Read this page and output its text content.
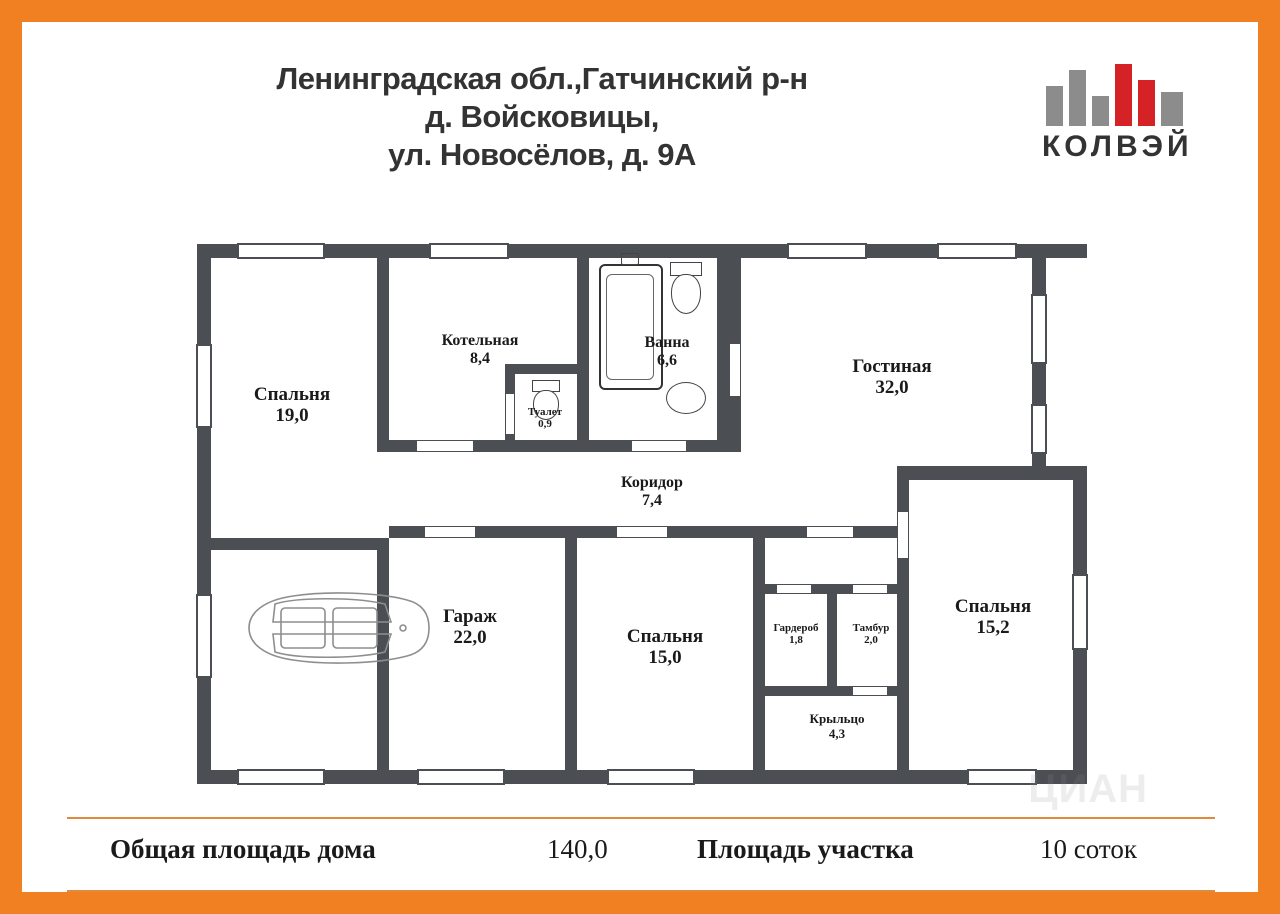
Ленинградская обл.,Гатчинский р-н
д. Войсковицы,
ул. Новосёлов, д. 9А	КОЛВЭЙ
Спальня
19,0
Котельная
8,4
Ванна
6,6
Туалет
0,9
Гостиная
32,0
Коридор
7,4
Гараж
22,0	Спальня
15,0
Гардероб
1,8
Тамбур
2,0
Спальня
15,2
Крыльцо
4,3
ЦИАН
Общая площадь дома	140,0	Площадь участка	10 соток
